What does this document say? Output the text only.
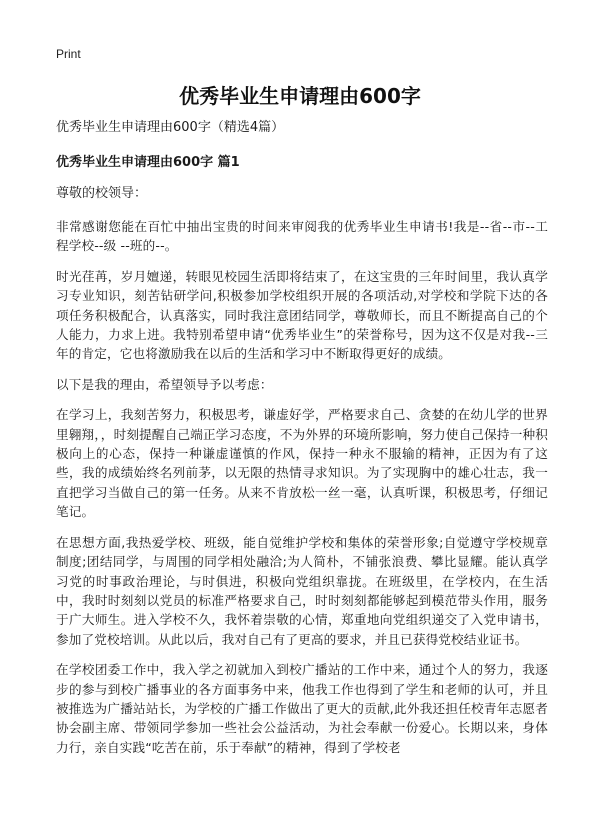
Print
优秀毕业生申请理由600字

优秀毕业生申请理由600字（精选4篇）

优秀毕业生申请理由600字 篇1

尊敬的校领导：

非常感谢您能在百忙中抽出宝贵的时间来审阅我的优秀毕业生申请书!我是--省--市--工程学校--级 --班的--。

时光荏苒，岁月嬗递，转眼见校园生活即将结束了，在这宝贵的三年时间里，我认真学习专业知识，刻苦钻研学问,积极参加学校组织开展的各项活动,对学校和学院下达的各项任务积极配合，认真落实，同时我注意团结同学，尊敬师长，而且不断提高自己的个人能力，力求上进。我特别希望申请“优秀毕业生”的荣誉称号，因为这不仅是对我--三年的肯定，它也将激励我在以后的生活和学习中不断取得更好的成绩。

以下是我的理由，希望领导予以考虑：

在学习上，我刻苦努力，积极思考，谦虚好学，严格要求自己、贪婪的在幼儿学的世界里翱翔，，时刻提醒自己端正学习态度，不为外界的环境所影响，努力使自己保持一种积极向上的心态，保持一种谦虚谨慎的作风，保持一种永不服输的精神，正因为有了这些，我的成绩始终名列前茅，以无限的热情寻求知识。为了实现胸中的雄心壮志，我一直把学习当做自己的第一任务。从来不肯放松一丝一毫，认真听课，积极思考，仔细记笔记。

在思想方面,我热爱学校、班级，能自觉维护学校和集体的荣誉形象;自觉遵守学校规章制度;团结同学，与周围的同学相处融洽;为人简朴，不铺张浪费、攀比显耀。能认真学习党的时事政治理论，与时俱进，积极向党组织靠拢。在班级里，在学校内，在生活中，我时时刻刻以党员的标准严格要求自己，时时刻刻都能够起到模范带头作用，服务于广大师生。进入学校不久，我怀着崇敬的心情，郑重地向党组织递交了入党申请书，参加了党校培训。从此以后，我对自己有了更高的要求，并且已获得党校结业证书。

在学校团委工作中，我入学之初就加入到校广播站的工作中来，通过个人的努力，我逐步的参与到校广播事业的各方面事务中来，他我工作也得到了学生和老师的认可，并且被推选为广播站站长，为学校的广播工作做出了更大的贡献,此外我还担任校青年志愿者协会副主席、带领同学参加一些社会公益活动，为社会奉献一份爱心。长期以来，身体力行，亲自实践“吃苦在前，乐于奉献”的精神，得到了学校老
